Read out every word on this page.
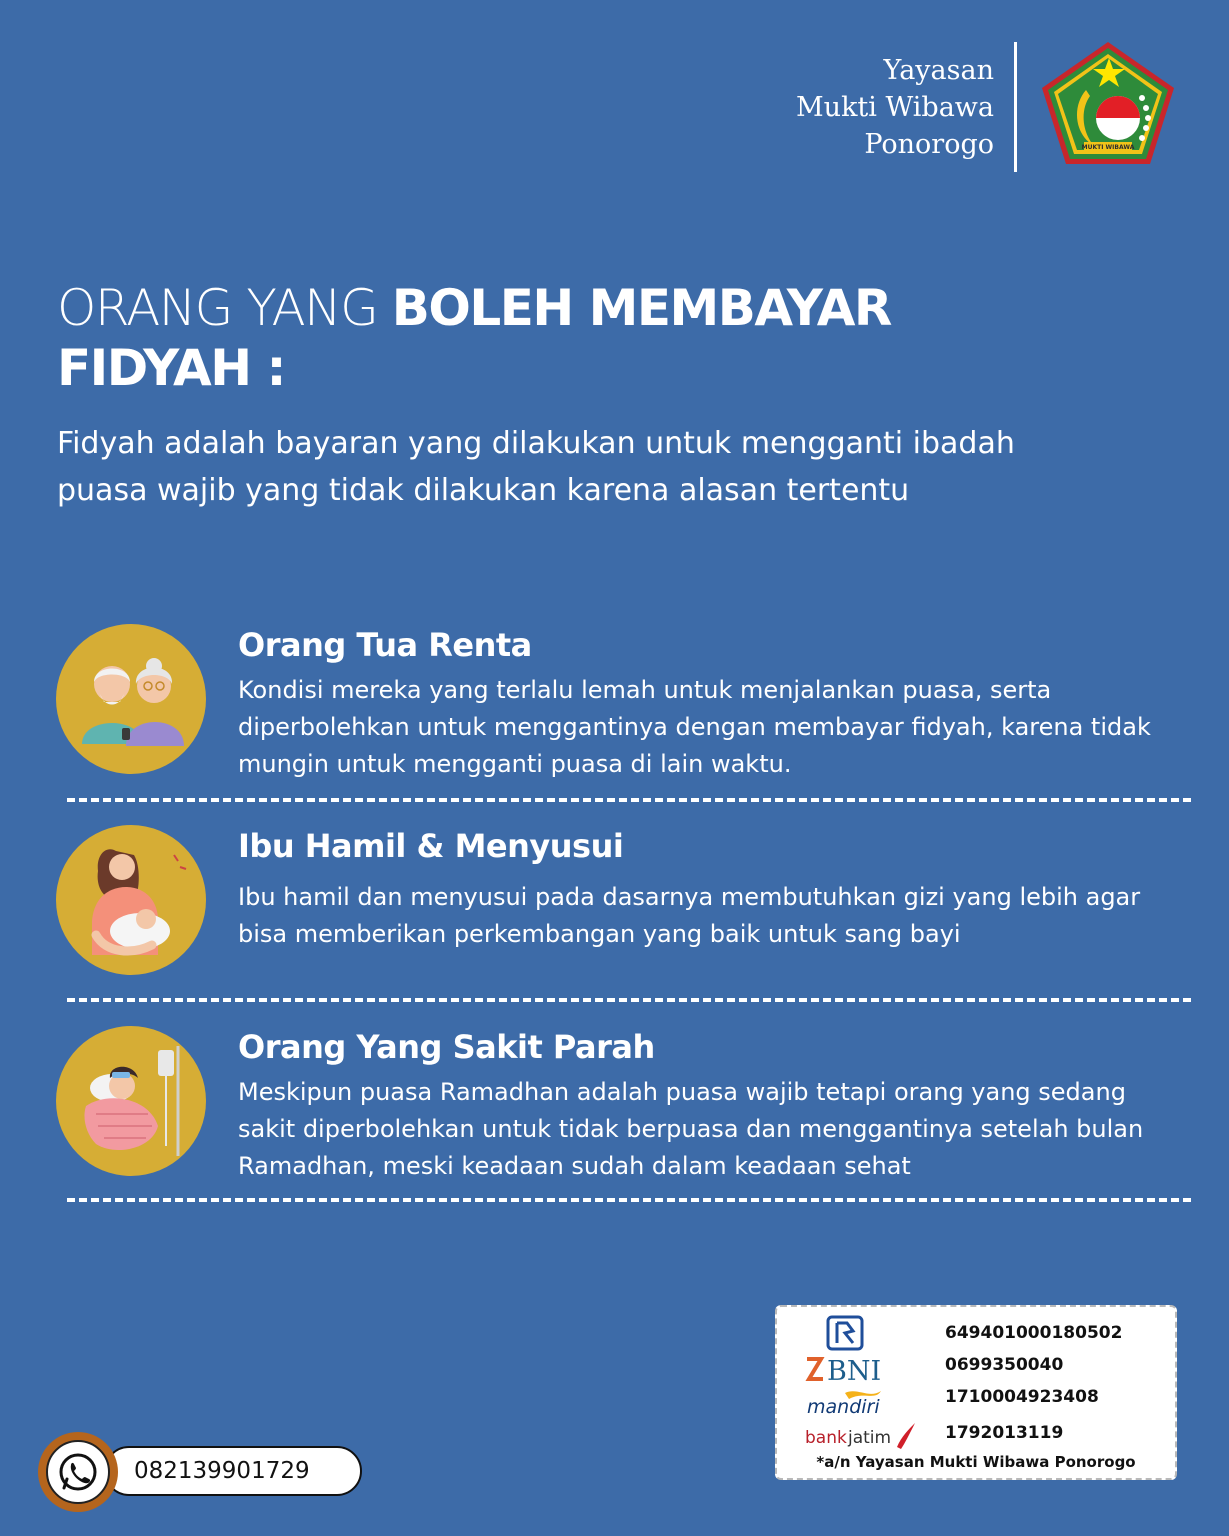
Yayasan
Mukti Wibawa
Ponorogo	MUKTI WIBAWA
ORANG YANG BOLEH MEMBAYAR FIDYAH :
Fidyah adalah bayaran yang dilakukan untuk mengganti ibadah puasa wajib yang tidak dilakukan karena alasan tertentu
Orang Tua Renta
Kondisi mereka yang terlalu lemah untuk menjalankan puasa, serta diperbolehkan untuk menggantinya dengan membayar fidyah, karena tidak mungin untuk mengganti puasa di lain waktu.
Ibu Hamil & Menyusui
Ibu hamil dan menyusui pada dasarnya membutuhkan gizi yang lebih agar bisa memberikan perkembangan yang baik untuk sang bayi
Orang Yang Sakit Parah
Meskipun puasa Ramadhan adalah puasa wajib tetapi orang yang sedang sakit diperbolehkan untuk tidak berpuasa dan menggantinya setelah bulan Ramadhan, meski keadaan sudah dalam keadaan sehat
649401000180502
BNI	0699350040
mandiri	1710004923408
bank jatim	1792013119
*a/n Yayasan Mukti Wibawa Ponorogo
082139901729
